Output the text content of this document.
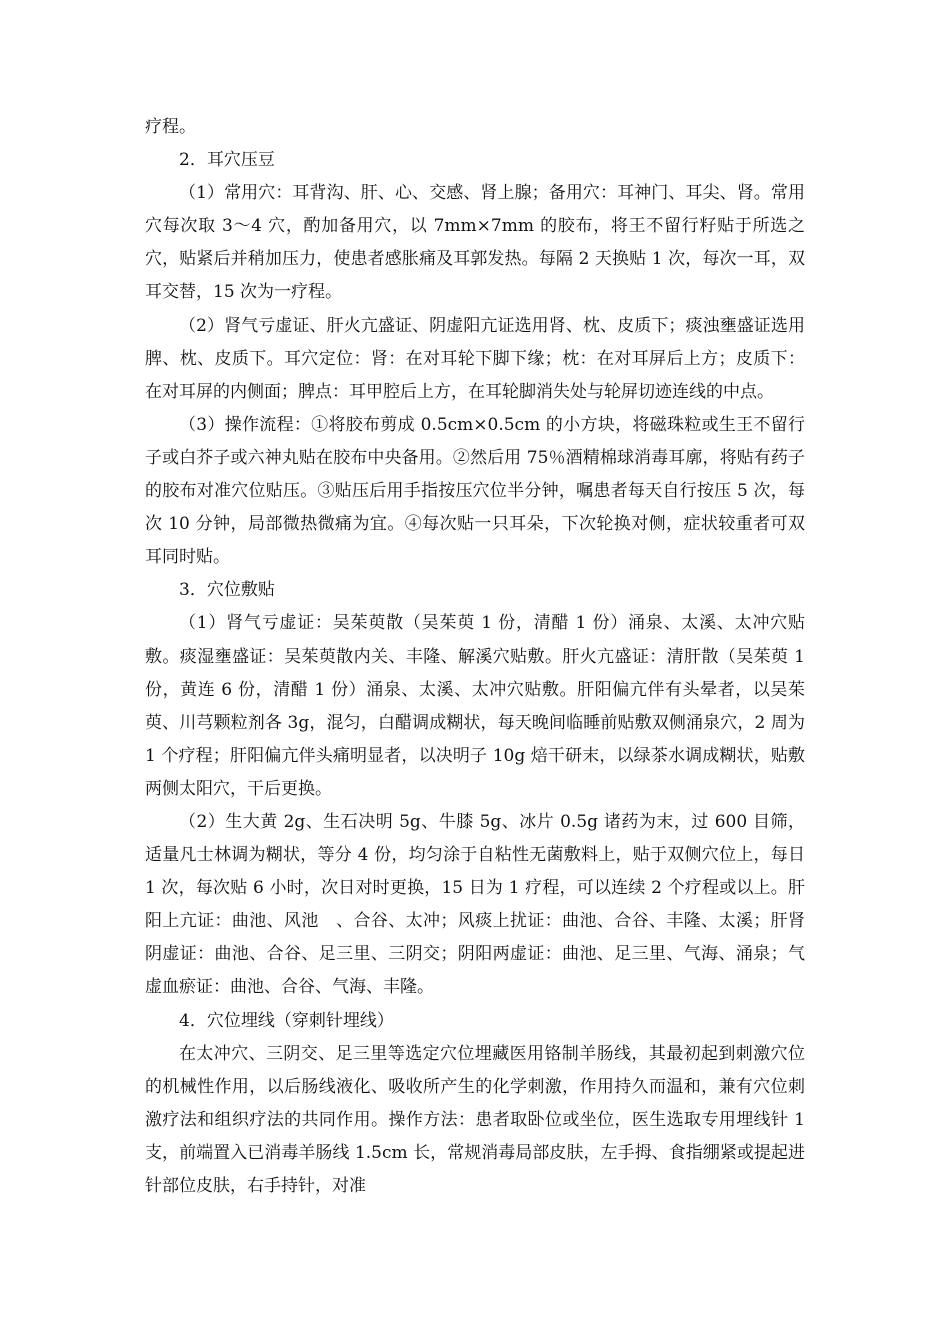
疗程。

2．耳穴压豆

（1）常用穴：耳背沟、肝、心、交感、肾上腺；备用穴：耳神门、耳尖、肾。常用穴每次取 3～4 穴，酌加备用穴，以 7mm×7mm 的胶布，将王不留行籽贴于所选之穴，贴紧后并稍加压力，使患者感胀痛及耳郭发热。每隔 2 天换贴 1 次，每次一耳，双耳交替，15 次为一疗程。

（2）肾气亏虚证、肝火亢盛证、阴虚阳亢证选用肾、枕、皮质下；痰浊壅盛证选用脾、枕、皮质下。耳穴定位：肾：在对耳轮下脚下缘；枕：在对耳屏后上方；皮质下：在对耳屏的内侧面；脾点：耳甲腔后上方，在耳轮脚消失处与轮屏切迹连线的中点。

（3）操作流程：①将胶布剪成 0.5cm×0.5cm 的小方块，将磁珠粒或生王不留行子或白芥子或六神丸贴在胶布中央备用。②然后用 75％酒精棉球消毒耳廓，将贴有药子的胶布对准穴位贴压。③贴压后用手指按压穴位半分钟，嘱患者每天自行按压 5 次，每次 10 分钟，局部微热微痛为宜。④每次贴一只耳朵，下次轮换对侧，症状较重者可双耳同时贴。

3．穴位敷贴

（1）肾气亏虚证：吴茱萸散（吴茱萸 1 份，清醋 1 份）涌泉、太溪、太冲穴贴敷。痰湿壅盛证：吴茱萸散内关、丰隆、解溪穴贴敷。肝火亢盛证：清肝散（吴茱萸 1 份，黄连 6 份，清醋 1 份）涌泉、太溪、太冲穴贴敷。肝阳偏亢伴有头晕者，以吴茱萸、川芎颗粒剂各 3g，混匀，白醋调成糊状，每天晚间临睡前贴敷双侧涌泉穴，2 周为 1 个疗程；肝阳偏亢伴头痛明显者，以决明子 10g 焙干研末，以绿茶水调成糊状，贴敷两侧太阳穴，干后更换。

（2）生大黄 2g、生石决明 5g、牛膝 5g、冰片 0.5g 诸药为末，过 600 目筛，适量凡士林调为糊状，等分 4 份，均匀涂于自粘性无菌敷料上，贴于双侧穴位上，每日 1 次，每次贴 6 小时，次日对时更换，15 日为 1 疗程，可以连续 2 个疗程或以上。肝阳上亢证：曲池、风池　、合谷、太冲；风痰上扰证：曲池、合谷、丰隆、太溪；肝肾阴虚证：曲池、合谷、足三里、三阴交；阴阳两虚证：曲池、足三里、气海、涌泉；气虚血瘀证：曲池、合谷、气海、丰隆。

4．穴位埋线（穿刺针埋线）

在太冲穴、三阴交、足三里等选定穴位埋藏医用铬制羊肠线，其最初起到刺激穴位的机械性作用，以后肠线液化、吸收所产生的化学刺激，作用持久而温和，兼有穴位刺激疗法和组织疗法的共同作用。操作方法：患者取卧位或坐位，医生选取专用埋线针 1 支，前端置入已消毒羊肠线 1.5cm 长，常规消毒局部皮肤，左手拇、食指绷紧或提起进针部位皮肤，右手持针，对准
